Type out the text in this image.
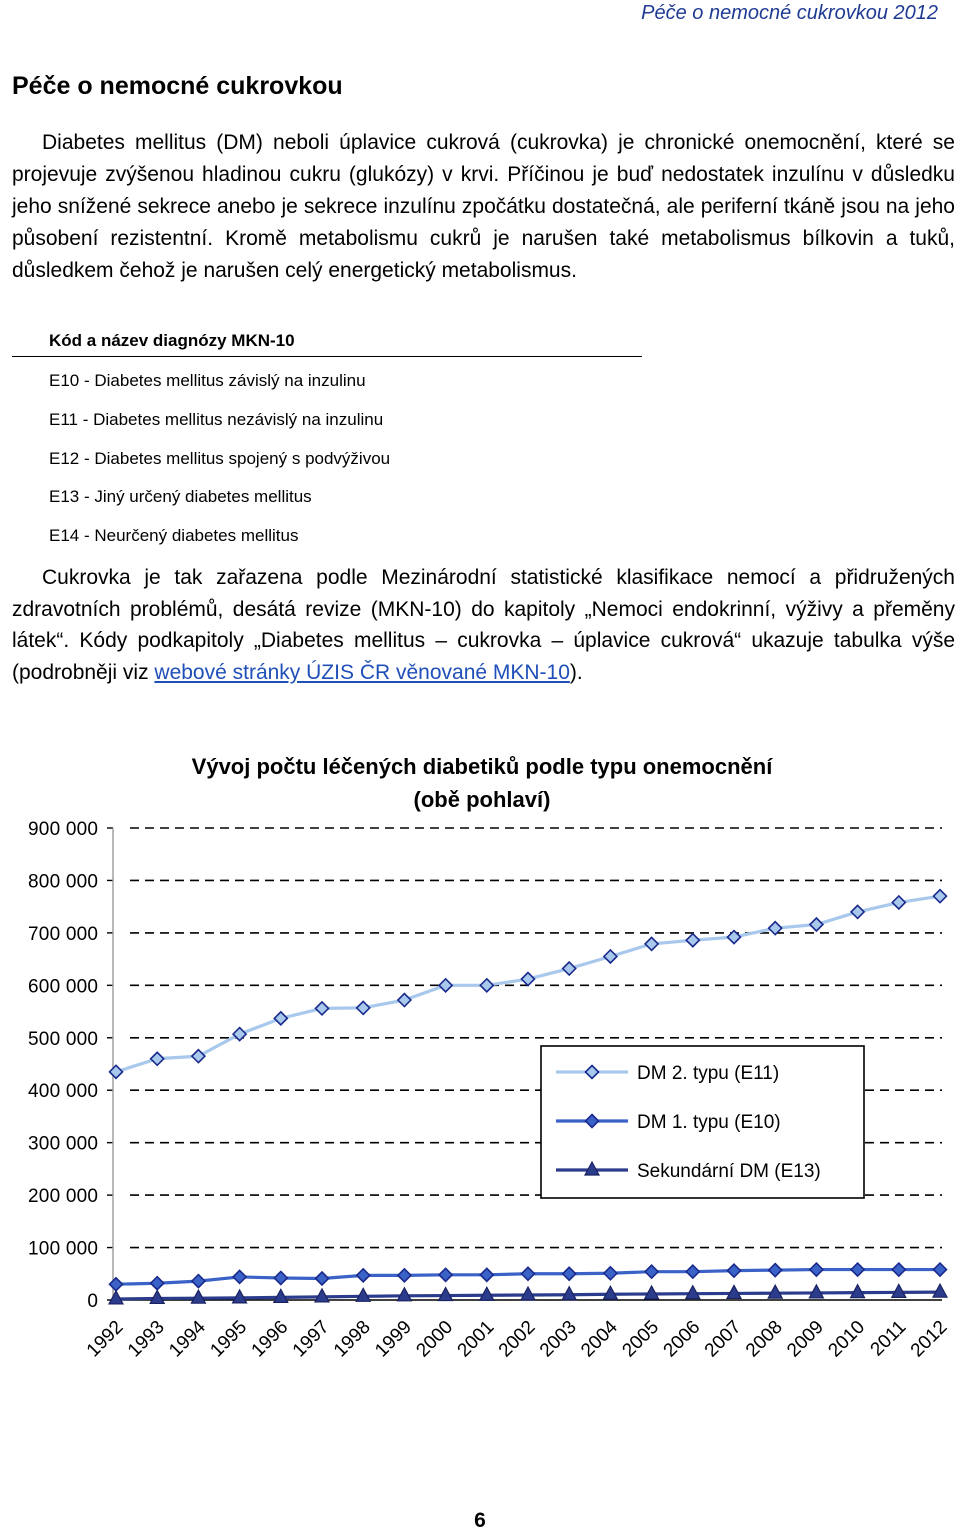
Péče o nemocné cukrovkou 2012
Péče o nemocné cukrovkou

Diabetes mellitus (DM) neboli úplavice cukrová (cukrovka) je chronické onemocnění, které se projevuje zvýšenou hladinou cukru (glukózy) v krvi. Příčinou je buď nedostatek inzulínu v důsledku jeho snížené sekrece anebo je sekrece inzulínu zpočátku dostatečná, ale periferní tkáně jsou na jeho působení rezistentní. Kromě metabolismu cukrů je narušen také metabolismus bílkovin a tuků, důsledkem čehož je narušen celý energetický metabolismus.

Kód a název diagnózy MKN-10
E10 - Diabetes mellitus závislý na inzulinu
E11 - Diabetes mellitus nezávislý na inzulinu
E12 - Diabetes mellitus spojený s podvýživou
E13 - Jiný určený diabetes mellitus
E14 - Neurčený diabetes mellitus

Cukrovka je tak zařazena podle Mezinárodní statistické klasifikace nemocí a přidružených zdravotních problémů, desátá revize (MKN-10) do kapitoly „Nemoci endokrinní, výživy a přeměny látek“. Kódy podkapitoly „Diabetes mellitus – cukrovka – úplavice cukrová“ ukazuje tabulka výše (podrobněji viz webové stránky ÚZIS ČR věnované MKN-10).

0
100 000
200 000
300 000
400 000
500 000
600 000
700 000
800 000
900 000
1992
1993
1994
1995
1996
1997
1998
1999
2000
2001
2002
2003
2004
2005
2006
2007
2008
2009
2010
2011
2012
Vývoj počtu léčených diabetiků podle typu onemocnění
(obě pohlaví)
DM 2. typu (E11)
DM 1. typu (E10)
Sekundární DM (E13)
6
